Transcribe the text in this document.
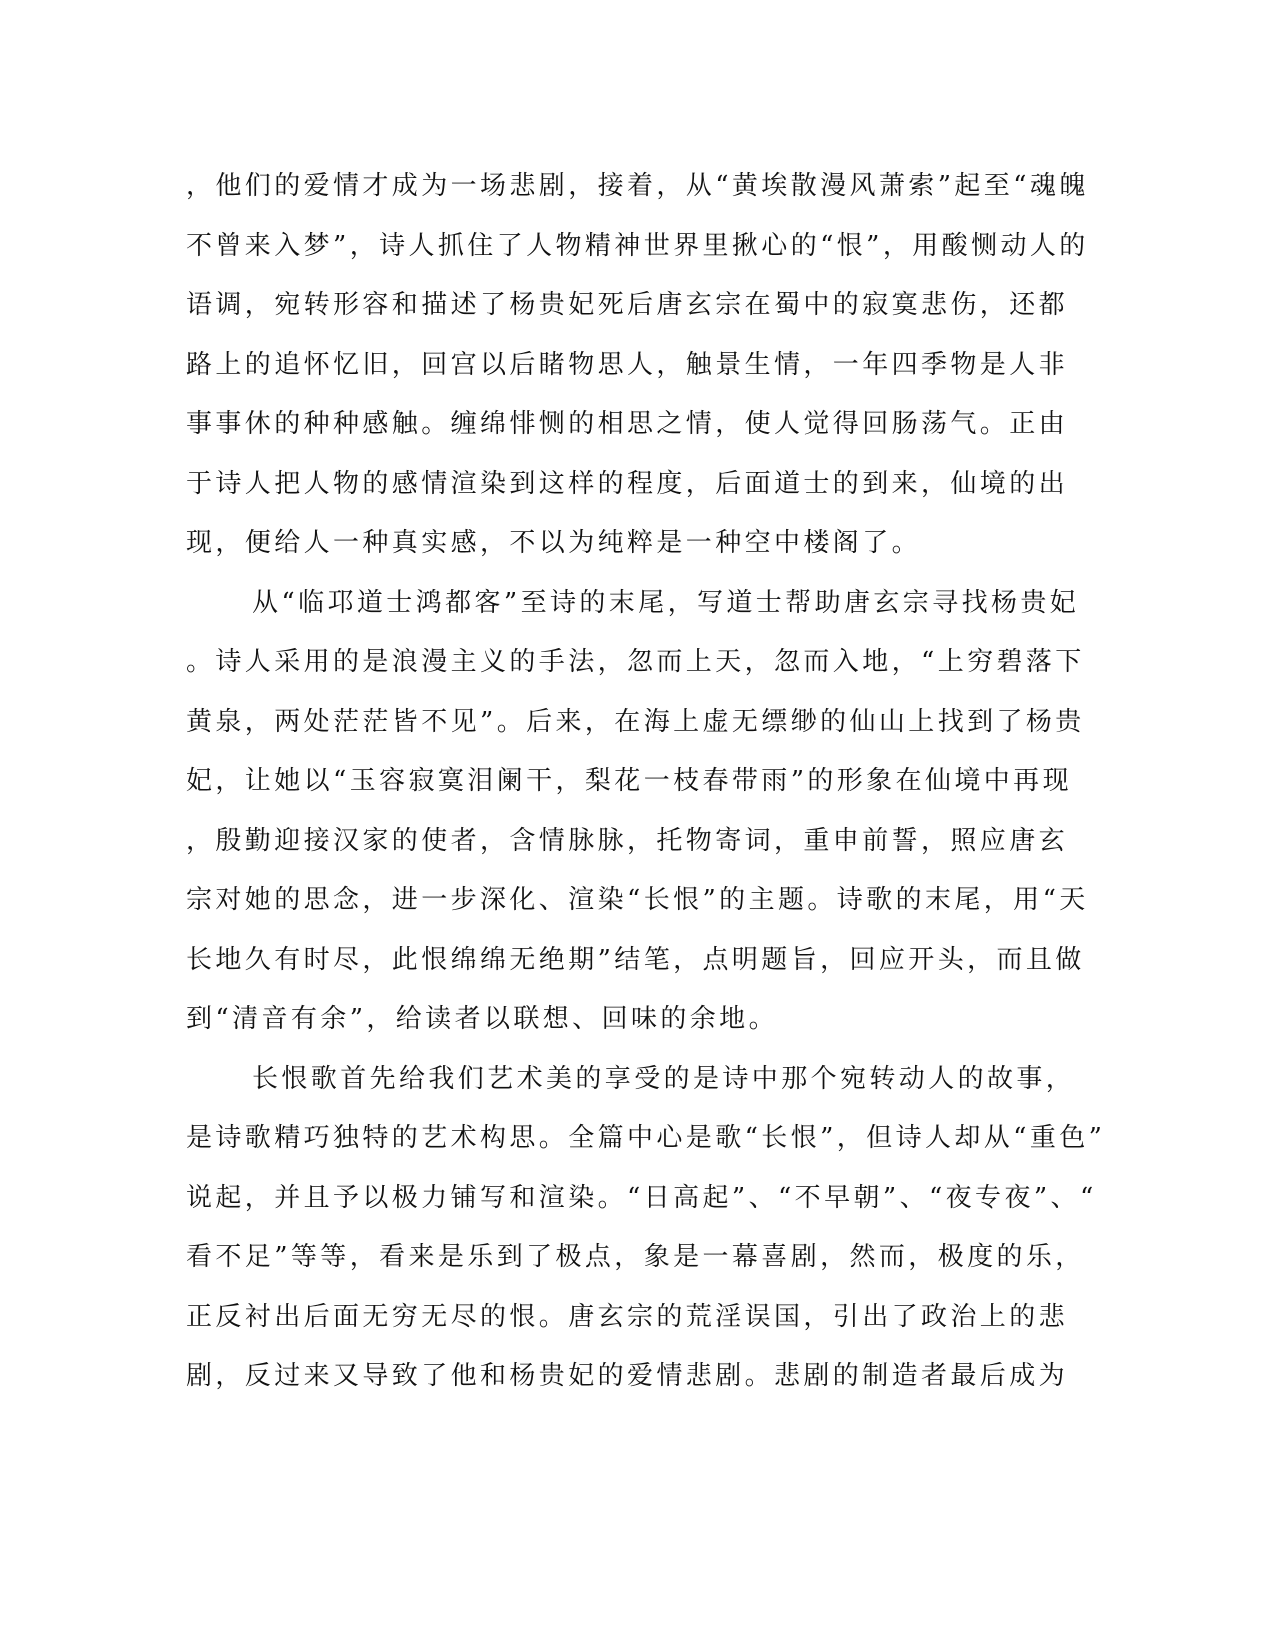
，他们的爱情才成为一场悲剧，接着，从“黄埃散漫风萧索”起至“魂魄
不曾来入梦”，诗人抓住了人物精神世界里揪心的“恨”，用酸恻动人的
语调，宛转形容和描述了杨贵妃死后唐玄宗在蜀中的寂寞悲伤，还都
路上的追怀忆旧，回宫以后睹物思人，触景生情，一年四季物是人非
事事休的种种感触。缠绵悱恻的相思之情，使人觉得回肠荡气。正由
于诗人把人物的感情渲染到这样的程度，后面道士的到来，仙境的出
现，便给人一种真实感，不以为纯粹是一种空中楼阁了。
从“临邛道士鸿都客”至诗的末尾，写道士帮助唐玄宗寻找杨贵妃
。诗人采用的是浪漫主义的手法，忽而上天，忽而入地，“上穷碧落下
黄泉，两处茫茫皆不见”。后来，在海上虚无缥缈的仙山上找到了杨贵
妃，让她以“玉容寂寞泪阑干，梨花一枝春带雨”的形象在仙境中再现
，殷勤迎接汉家的使者，含情脉脉，托物寄词，重申前誓，照应唐玄
宗对她的思念，进一步深化、渲染“长恨”的主题。诗歌的末尾，用“天
长地久有时尽，此恨绵绵无绝期”结笔，点明题旨，回应开头，而且做
到“清音有余”，给读者以联想、回味的余地。
长恨歌首先给我们艺术美的享受的是诗中那个宛转动人的故事，
是诗歌精巧独特的艺术构思。全篇中心是歌“长恨”，但诗人却从“重色”
说起，并且予以极力铺写和渲染。“日高起”、“不早朝”、“夜专夜”、“
看不足”等等，看来是乐到了极点，象是一幕喜剧，然而，极度的乐，
正反衬出后面无穷无尽的恨。唐玄宗的荒淫误国，引出了政治上的悲
剧，反过来又导致了他和杨贵妃的爱情悲剧。悲剧的制造者最后成为
